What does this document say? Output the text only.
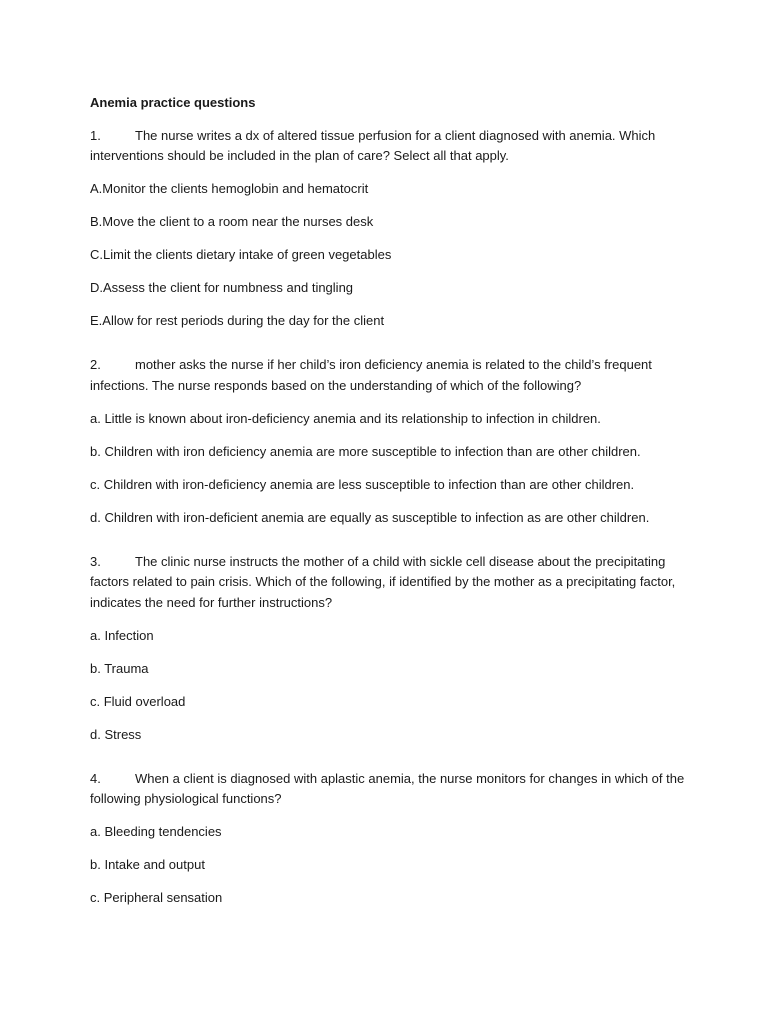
Anemia practice questions
1.	The nurse writes a dx of altered tissue perfusion for a client diagnosed with anemia. Which interventions should be included in the plan of care? Select all that apply.
A.Monitor the clients hemoglobin and hematocrit
B.Move the client to a room near the nurses desk
C.Limit the clients dietary intake of green vegetables
D.Assess the client for numbness and tingling
E.Allow for rest periods during the day for the client
2.	mother asks the nurse if her child’s iron deficiency anemia is related to the child’s frequent infections. The nurse responds based on the understanding of which of the following?
a. Little is known about iron-deficiency anemia and its relationship to infection in children.
b. Children with iron deficiency anemia are more susceptible to infection than are other children.
c. Children with iron-deficiency anemia are less susceptible to infection than are other children.
d. Children with iron-deficient anemia are equally as susceptible to infection as are other children.
3.	The clinic nurse instructs the mother of a child with sickle cell disease about the precipitating factors related to pain crisis. Which of the following, if identified by the mother as a precipitating factor, indicates the need for further instructions?
a. Infection
b. Trauma
c. Fluid overload
d. Stress
4.	When a client is diagnosed with aplastic anemia, the nurse monitors for changes in which of the following physiological functions?
a. Bleeding tendencies
b. Intake and output
c. Peripheral sensation
